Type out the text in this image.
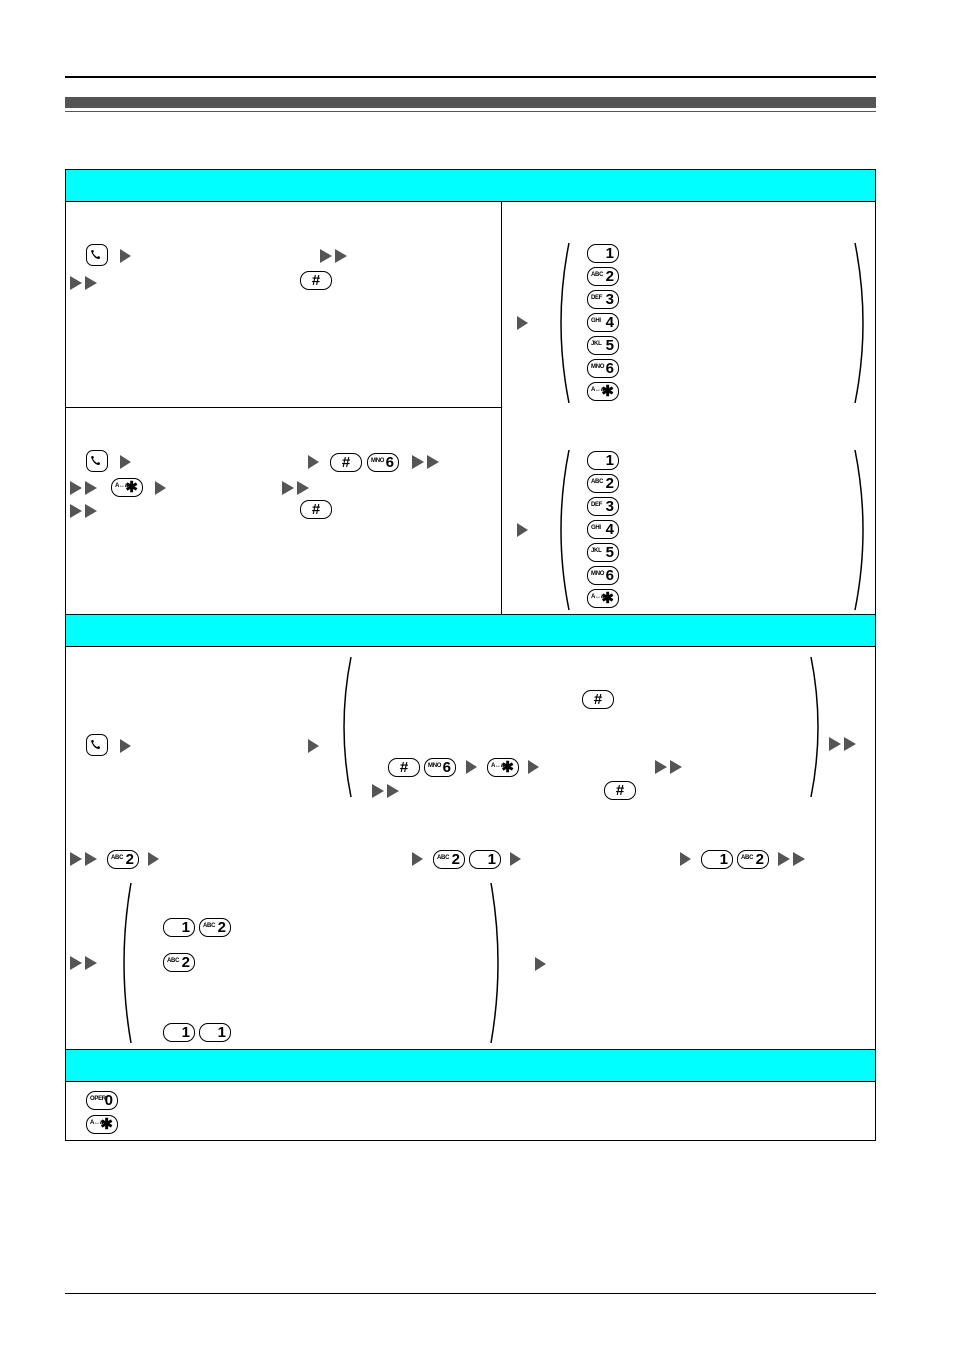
#
#	MNO 6
A↔a
✱
#
1
ABC 2
DEF 3
GHI 4
JKL 5
MNO 6
A↔a
✱
1
ABC 2
DEF 3
GHI 4
JKL 5
MNO 6
A↔a
✱
#
#	MNO 6	A↔a
✱
#
ABC 2	ABC 2 1	1 ABC 2
1 ABC 2
ABC 2
1 1
OPER
0
A↔a
✱
